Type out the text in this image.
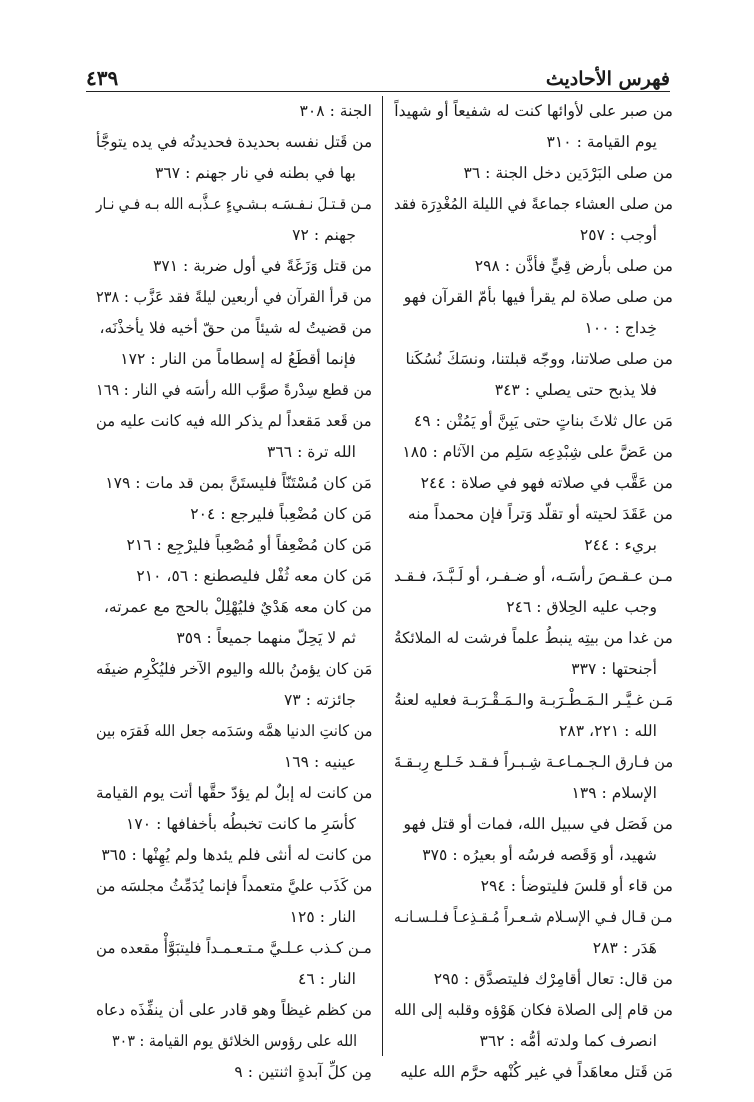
٤٣٩	فهرس الأحاديث
من صبر على لأوائها كنت له شفيعاً أو شهيداً
يوم القيامة : ٣١٠
من صلى البَرْدَين دخل الجنة : ٣٦
من صلى العشاء جماعةً في الليلة المُغْدِرَة فقد
أوجب : ٢٥٧
من صلى بأرض قِيٍّ فأذَّن : ٢٩٨
من صلى صلاة لم يقرأ فيها بأمّ القرآن فهو
خِداج : ١٠٠
من صلى صلاتنا، ووجّه قبلتنا، ونسَكَ نُسُكَنا
فلا يذبح حتى يصلي : ٣٤٣
مَن عال ثلاثَ بناتٍ حتى يَبِنَّ أو يَمُتْن : ٤٩
من عَضَّ على شِبْدِعِه سَلِم من الآثام : ١٨٥
من عَقَّب في صلاته فهو في صلاة : ٢٤٤
من عَقَدَ لحيته أو تقلّد وَتراً فإن محمداً منه
بريء : ٢٤٤
مـن عـقـصَ رأسَـه، أو ضـفـر، أو لَـبَّـدَ، فـقـد
وجب عليه الحِلاق : ٢٤٦
من غدا من بيتِه ينبطُ علماً فرشت له الملائكةُ
أجنحتها : ٣٣٧
مَـن غـيَّـر الـمَـطْـرَبـة والـمَـقْـرَبـة فعليه لعنةُ
الله : ٢٢١، ٢٨٣
من فـارق الـجـمـاعـة شِـبـراً فـقـد خَـلـع رِبـقـةَ
الإسلام : ١٣٩
من فَصَل في سبيل الله، فمات أو قتل فهو
شهيد، أو وَقَصه فرسُه أو بعيرُه : ٣٧٥
من قاء أو قلسَ فليتوضأ : ٢٩٤
مـن قـال فـي الإسـلام شـعـراً مُـقـذِعـاً فـلـسـانـه
هَدَر : ٢٨٣
من قال: تعال أقامِرْك فليتصدَّق : ٢٩٥
من قام إلى الصلاة فكان هَوْؤه وقلبه إلى الله
انصرف كما ولدته أمُّه : ٣٦٢
مَن قَتل معاهَداً في غير كُنْهه حرَّم الله عليه
الجنة : ٣٠٨
من قَتل نفسه بحديدة فحديدتُه في يده يتوجَّأ
بها في بطنه في نار جهنم : ٣٦٧
مـن قـتـلَ نـفـسَـه بـشـيءٍ عـذَّبـه الله بـه فـي نـار
جهنم : ٧٢
من قتل وَزَغَةً في أول ضربة : ٣٧١
من قرأ القرآن في أربعين ليلةً فقد عَزَّب : ٢٣٨
من قضيتُ له شيئاً من حقّ أخيه فلا يأخذْنَه،
فإنما أقطَعُ له إسطاماً من النار : ١٧٢
من قطع سِدْرةً صوَّب الله رأسَه في النار : ١٦٩
من قَعد مَقعداً لم يذكر الله فيه كانت عليه من
الله ترة : ٣٦٦
مَن كان مُسْتَنّاً فليستَنَّ بمن قد مات : ١٧٩
مَن كان مُضْعِباً فليرجع : ٢٠٤
مَن كان مُضْعِفاً أو مُصْعِباً فليرْجِع : ٢١٦
مَن كان معه ثُفْل فليصطنع : ٥٦، ٢١٠
من كان معه هَدْيٌ فليُهْلِلْ بالحج مع عمرته،
ثم لا يَحِلّ منهما جميعاً : ٣٥٩
مَن كان يؤمنُ بالله واليوم الآخر فليُكْرِم ضيفَه
جائزته : ٧٣
من كانتِ الدنيا همَّه وسَدَمه جعل الله فَقرَه بين
عينيه : ١٦٩
من كانت له إبلٌ لم يؤدّ حقَّها أتت يوم القيامة
كأسَرِ ما كانت تخبطُه بأخفافها : ١٧٠
من كانت له أنثى فلم يئدها ولم يُهِنْها : ٣٦٥
من كَذَب عليَّ متعمداً فإنما يُدَمِّثُ مجلسَه من
النار : ١٢٥
مـن كـذب عـلـيَّ مـتـعـمـداً فليتبَوَّأْ مقعده من
النار : ٤٦
من كظم غيظاً وهو قادر على أن ينفِّذَه دعاه
الله على رؤوس الخلائق يوم القيامة : ٣٠٣
مِن كلِّ آبدةٍ اثنتين : ٩
